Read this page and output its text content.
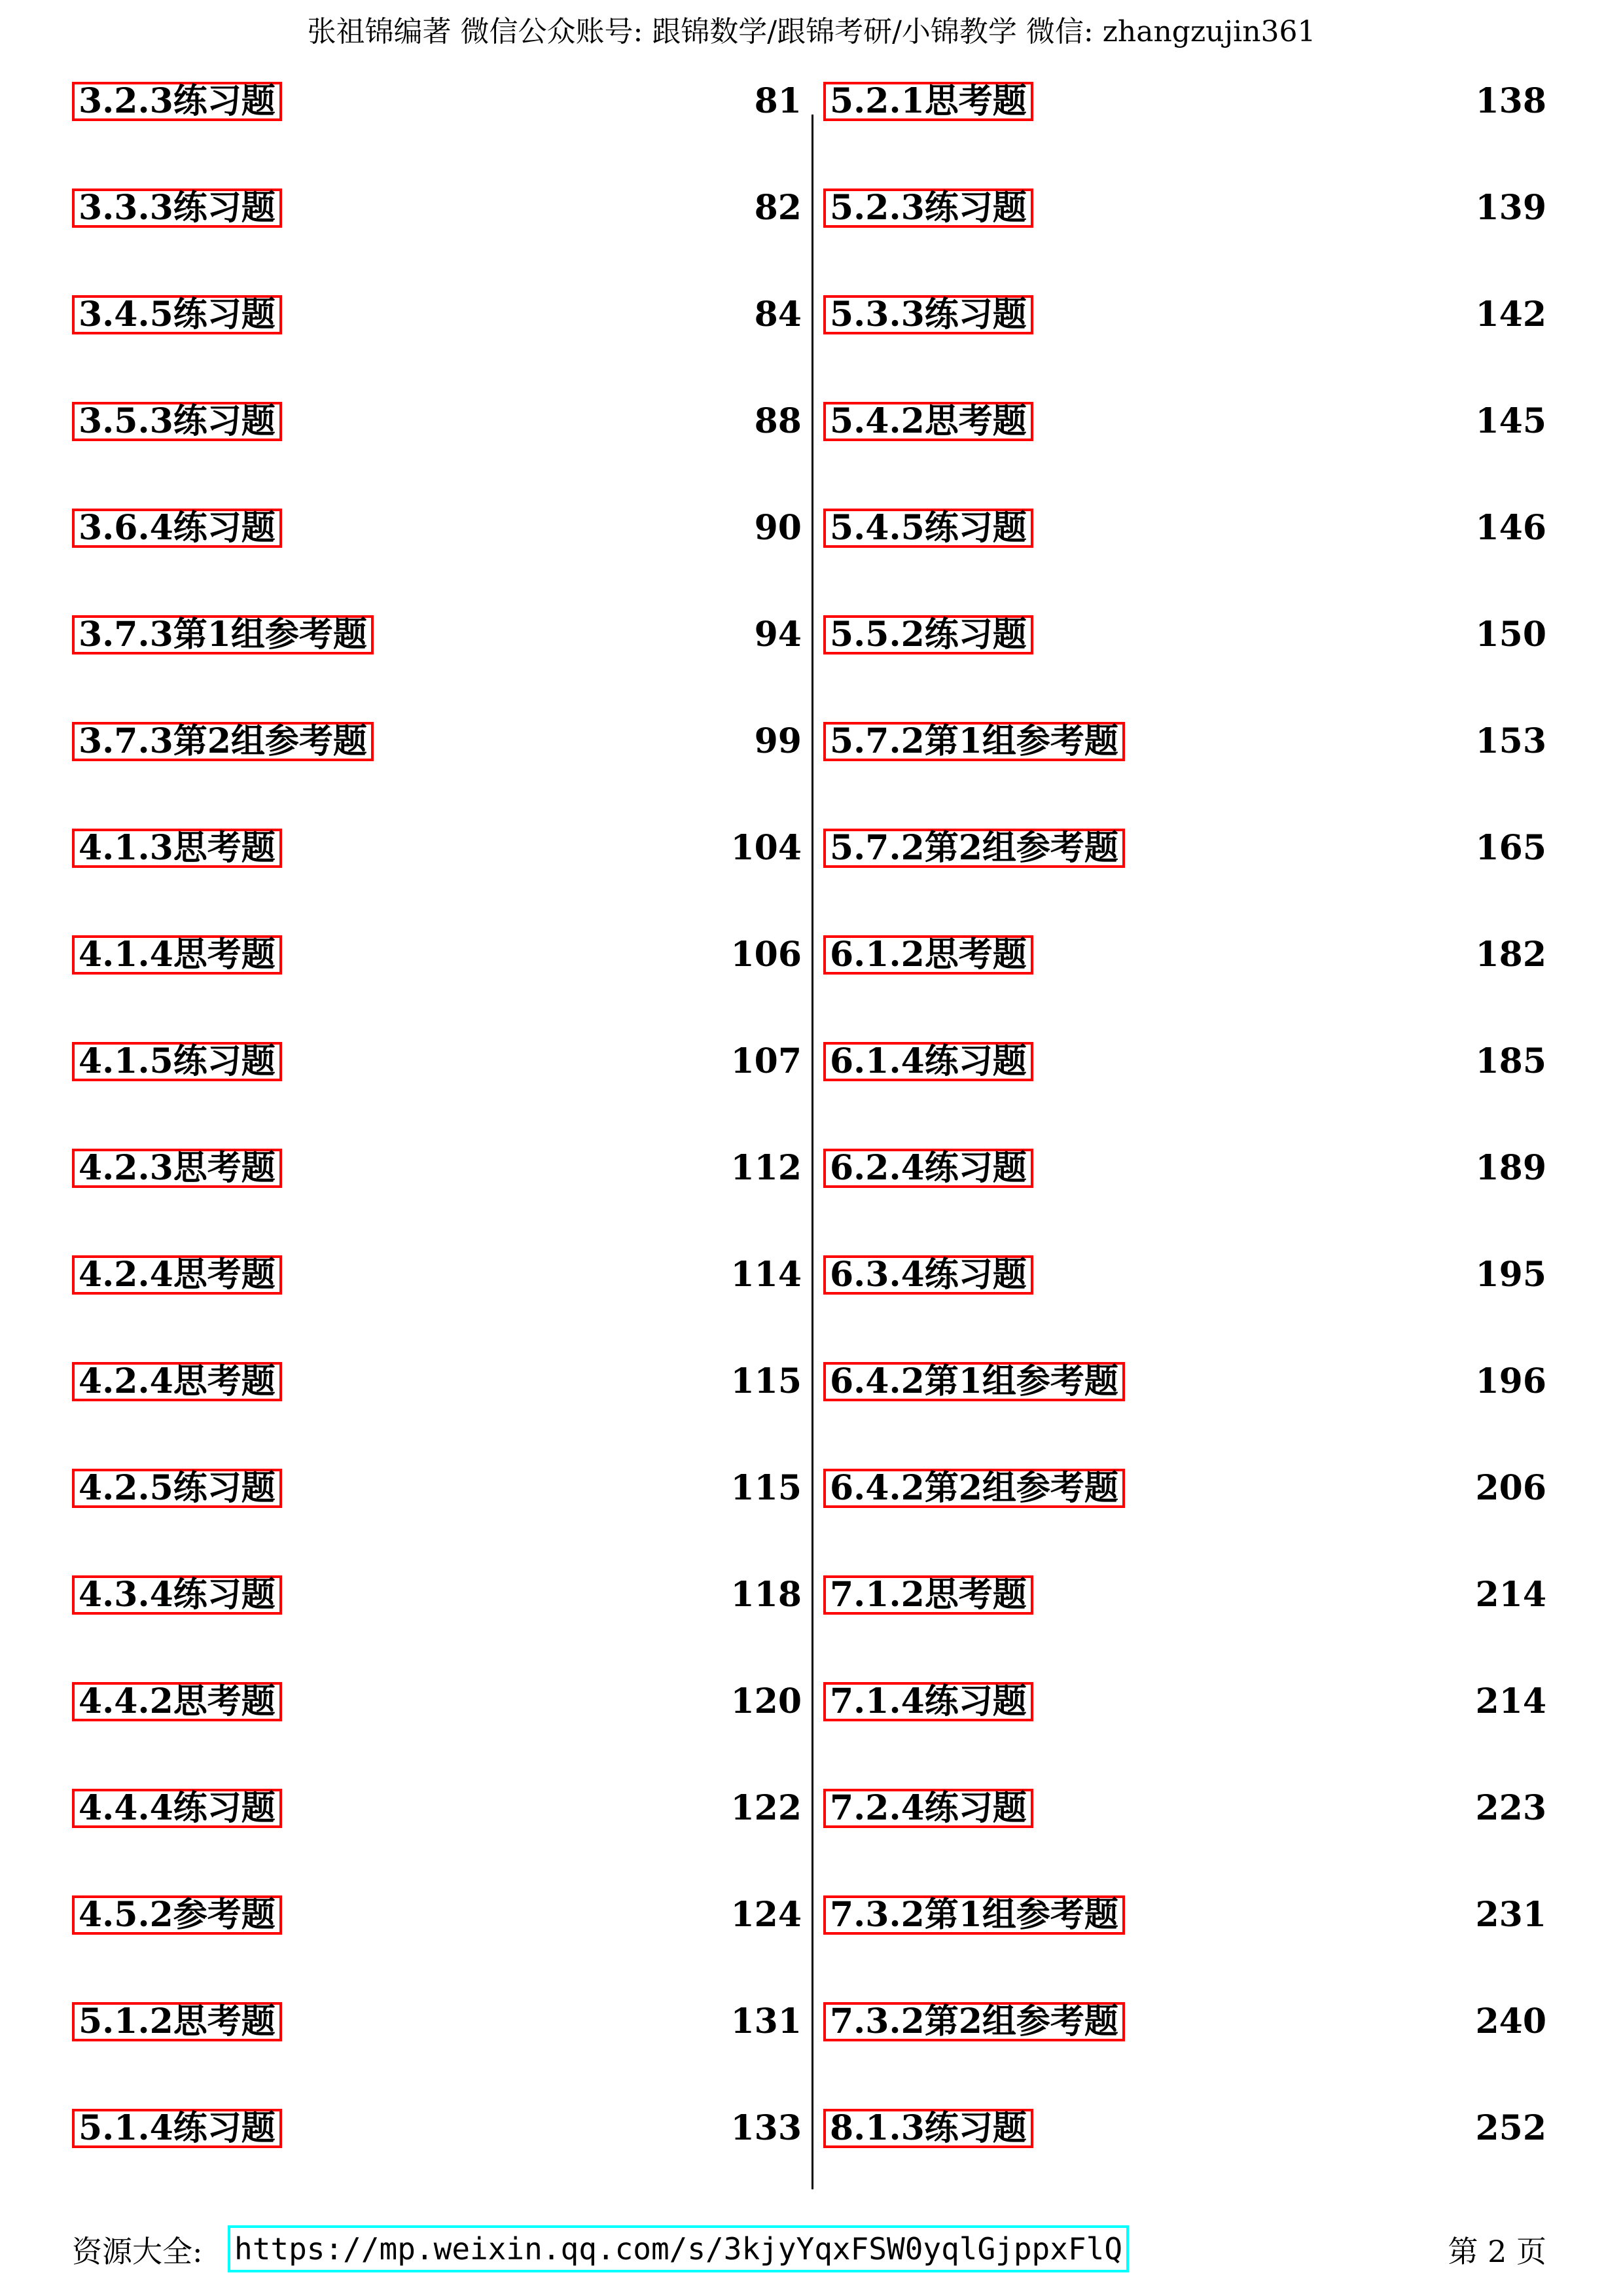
张祖锦编著 微信公众账号: 跟锦数学/跟锦考研/小锦教学 微信: zhangzujin361
3.2.3练习题	81
3.3.3练习题	82
3.4.5练习题	84
3.5.3练习题	88
3.6.4练习题	90
3.7.3第1组参考题	94
3.7.3第2组参考题	99
4.1.3思考题	104
4.1.4思考题	106
4.1.5练习题	107
4.2.3思考题	112
4.2.4思考题	114
4.2.4思考题	115
4.2.5练习题	115
4.3.4练习题	118
4.4.2思考题	120
4.4.4练习题	122
4.5.2参考题	124
5.1.2思考题	131
5.1.4练习题	133
5.2.1思考题	138
5.2.3练习题	139
5.3.3练习题	142
5.4.2思考题	145
5.4.5练习题	146
5.5.2练习题	150
5.7.2第1组参考题	153
5.7.2第2组参考题	165
6.1.2思考题	182
6.1.4练习题	185
6.2.4练习题	189
6.3.4练习题	195
6.4.2第1组参考题	196
6.4.2第2组参考题	206
7.1.2思考题	214
7.1.4练习题	214
7.2.4练习题	223
7.3.2第1组参考题	231
7.3.2第2组参考题	240
8.1.3练习题	252
资源大全: https://mp.weixin.qq.com/s/3kjyYqxFSW0yqlGjppxFlQ	第 2 页
